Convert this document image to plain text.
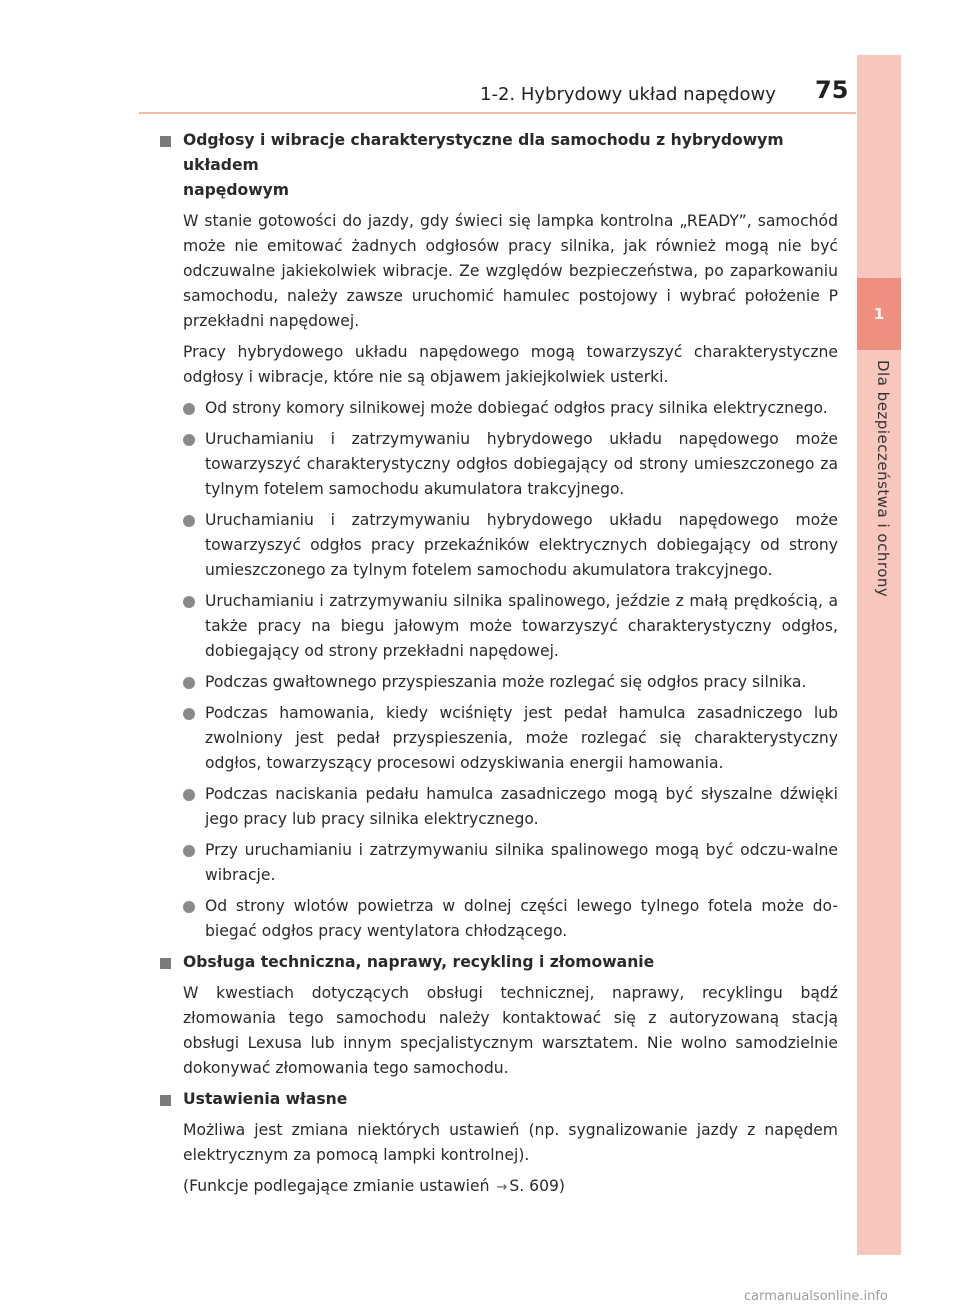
1
Dla bezpieczeństwa i ochrony
1-2. Hybrydowy układ napędowy 75
Odgłosy i wibracje charakterystyczne dla samochodu z hybrydowym układem
napędowym

W stanie gotowości do jazdy, gdy świeci się lampka kontrolna „READY”, samochód może nie emitować żadnych odgłosów pracy silnika, jak również mogą nie być odczuwalne jakiekolwiek wibracje. Ze względów bezpieczeństwa, po zaparkowaniu samochodu, należy zawsze uruchomić hamulec postojowy i wybrać położenie P przekładni napędowej.

Pracy hybrydowego układu napędowego mogą towarzyszyć charakterystyczne odgłosy i wibracje, które nie są objawem jakiejkolwiek usterki.

Od strony komory silnikowej może dobiegać odgłos pracy silnika elektrycznego.
Uruchamianiu i zatrzymywaniu hybrydowego układu napędowego może towarzyszyć charakterystyczny odgłos dobiegający od strony umieszczonego za tylnym fotelem samochodu akumulatora trakcyjnego.
Uruchamianiu i zatrzymywaniu hybrydowego układu napędowego może towarzyszyć odgłos pracy przekaźników elektrycznych dobiegający od strony umieszczonego za tylnym fotelem samochodu akumulatora trakcyjnego.
Uruchamianiu i zatrzymywaniu silnika spalinowego, jeździe z małą prędkością, a także pracy na biegu jałowym może towarzyszyć charakterystyczny odgłos, dobiegający od strony przekładni napędowej.
Podczas gwałtownego przyspieszania może rozlegać się odgłos pracy silnika.
Podczas hamowania, kiedy wciśnięty jest pedał hamulca zasadniczego lub zwolniony jest pedał przyspieszenia, może rozlegać się charakterystyczny odgłos, towarzyszący procesowi odzyskiwania energii hamowania.
Podczas naciskania pedału hamulca zasadniczego mogą być słyszalne dźwięki jego pracy lub pracy silnika elektrycznego.
Przy uruchamianiu i zatrzymywaniu silnika spalinowego mogą być odczu-walne wibracje.
Od strony wlotów powietrza w dolnej części lewego tylnego fotela może do-biegać odgłos pracy wentylatora chłodzącego.
Obsługa techniczna, naprawy, recykling i złomowanie

W kwestiach dotyczących obsługi technicznej, naprawy, recyklingu bądź złomowania tego samochodu należy kontaktować się z autoryzowaną stacją obsługi Lexusa lub innym specjalistycznym warsztatem. Nie wolno samodzielnie dokonywać złomowania tego samochodu.

Ustawienia własne

Możliwa jest zmiana niektórych ustawień (np. sygnalizowanie jazdy z napędem elektrycznym za pomocą lampki kontrolnej).

(Funkcje podlegające zmianie ustawień → S. 609)

carmanualsonline.info
